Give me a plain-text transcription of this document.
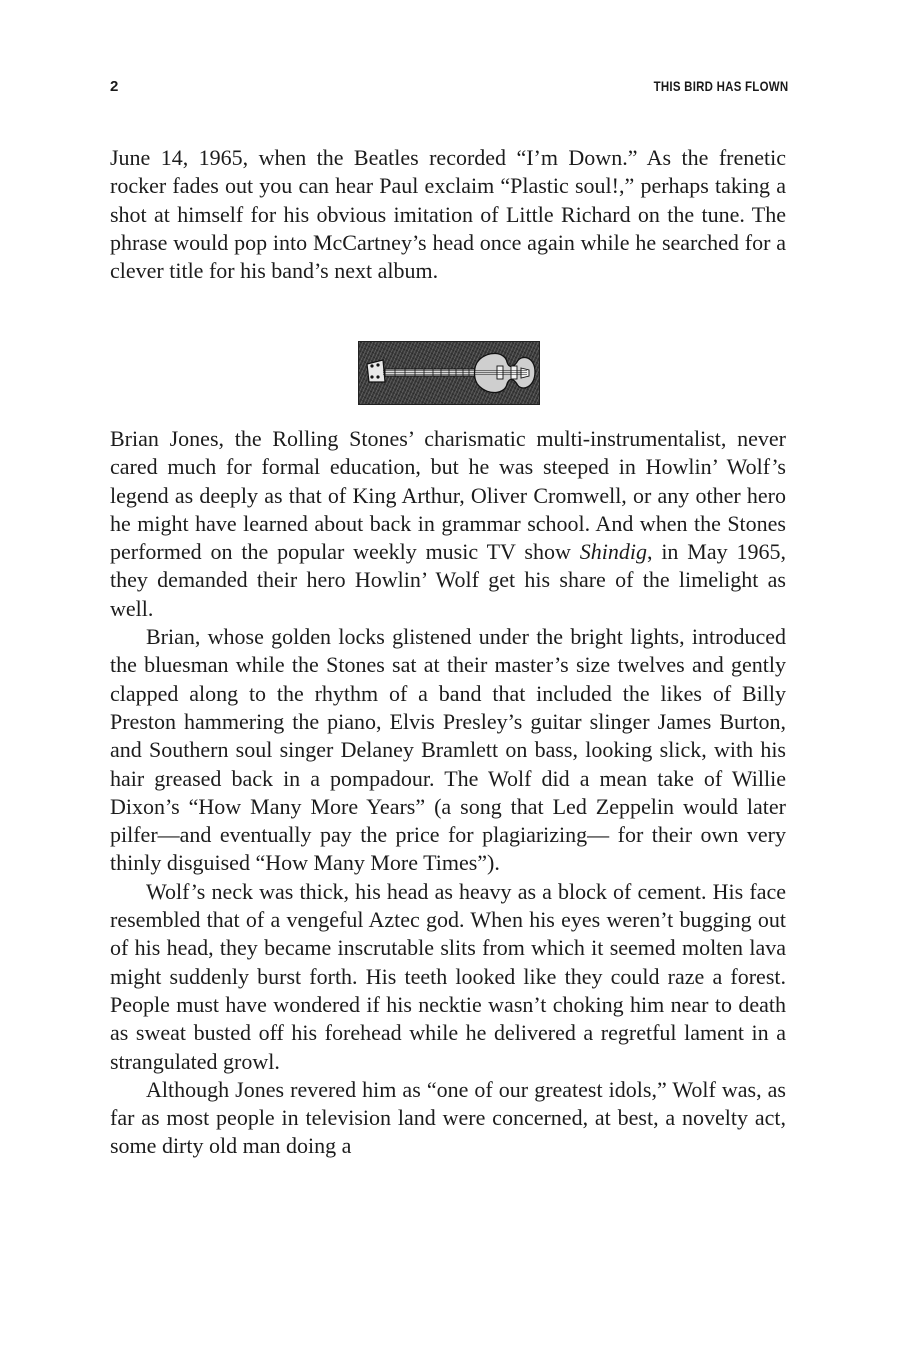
2	THIS BIRD HAS FLOWN

June 14, 1965, when the Beatles recorded “I’m Down.” As the frenetic rocker fades out you can hear Paul exclaim “Plastic soul!,” perhaps taking a shot at himself for his obvious imitation of Little Richard on the tune. The phrase would pop into McCartney’s head once again while he searched for a clever title for his band’s next album.

Brian Jones, the Rolling Stones’ charismatic multi-instrumentalist, never cared much for formal education, but he was steeped in Howlin’ Wolf’s legend as deeply as that of King Arthur, Oliver Cromwell, or any other hero he might have learned about back in grammar school. And when the Stones performed on the popular weekly music TV show Shindig, in May 1965, they demanded their hero Howlin’ Wolf get his share of the limelight as well.

Brian, whose golden locks glistened under the bright lights, introduced the bluesman while the Stones sat at their master’s size twelves and gently clapped along to the rhythm of a band that included the likes of Billy Preston hammering the piano, Elvis Presley’s guitar slinger James Burton, and Southern soul singer Delaney Bramlett on bass, looking slick, with his hair greased back in a pompadour. The Wolf did a mean take of Willie Dixon’s “How Many More Years” (a song that Led Zeppelin would later pilfer—and eventually pay the price for plagiarizing— for their own very thinly disguised “How Many More Times”).

Wolf’s neck was thick, his head as heavy as a block of cement. His face resembled that of a vengeful Aztec god. When his eyes weren’t bugging out of his head, they became inscrutable slits from which it seemed molten lava might suddenly burst forth. His teeth looked like they could raze a forest. People must have wondered if his necktie wasn’t choking him near to death as sweat busted off his forehead while he delivered a regretful lament in a strangulated growl.

Although Jones revered him as “one of our greatest idols,” Wolf was, as far as most people in television land were concerned, at best, a novelty act, some dirty old man doing a
